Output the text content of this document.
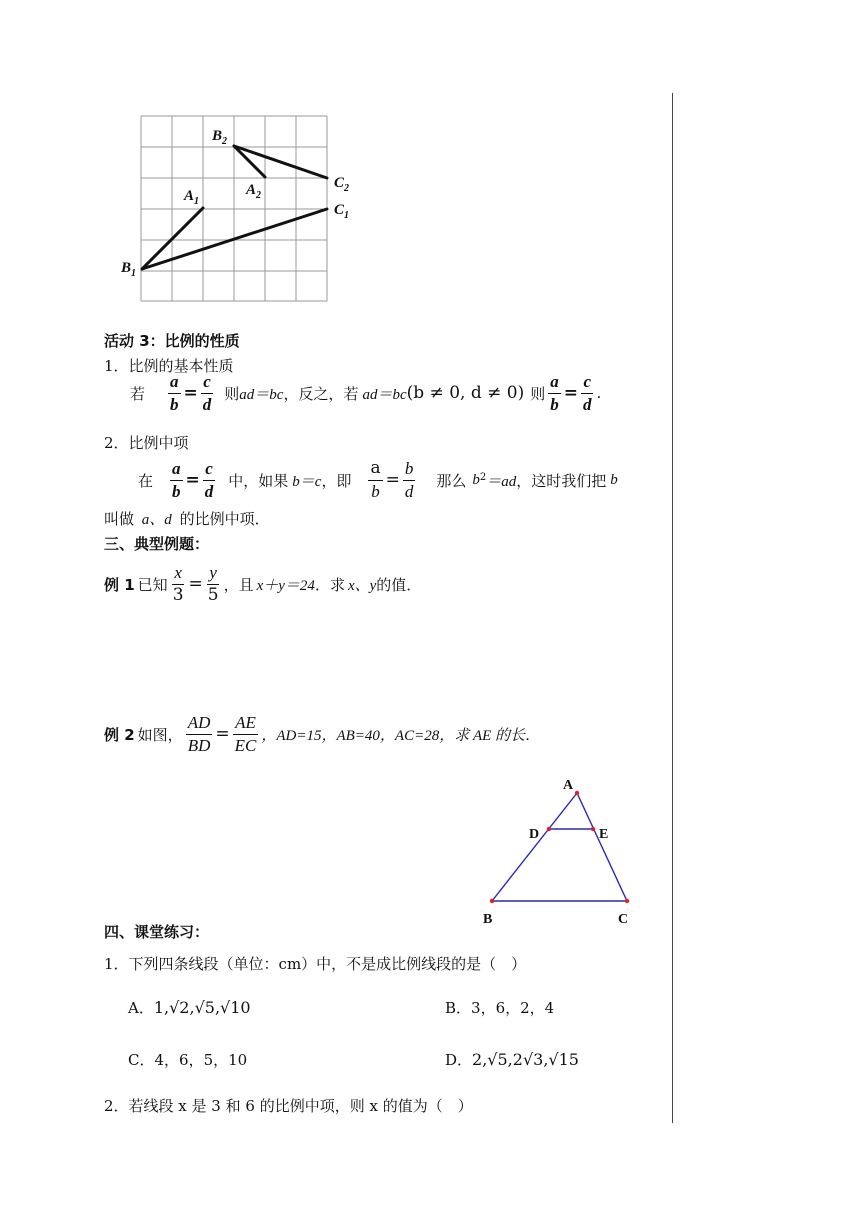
$B_2$
$A_1$
$A_2$
$C_2$
$C_1$
$B_1$
活动 3：比例的性质
1．比例的基本性质
若 $\frac{a}{b} = \frac{c}{d}$ 则 ad＝bc ，反之，若 ad＝bc (b ≠ 0, d ≠ 0) 则 $\frac{a}{b} = \frac{c}{d}$ .
2．比例中项
在 $\frac{a}{b} = \frac{c}{d}$ 中，如果 b＝c ，即 $\frac{a}{b} = \frac{b}{d}$ 那么 $b^2 =ad$ ，这时我们把 b
叫做 a、d 的比例中项．
三、典型例题：
例 1 已知 $\frac{x}{3} = \frac{y}{5}$ ，且 x＋y＝24 ．求 x、y 的值．
例 2 如图， $\frac{AD}{BD} = \frac{AE}{EC}$ ，AD=15，AB=40，AC=28，求 AE 的长．
A
D	E
B	C
四、课堂练习：
1．下列四条线段（单位：cm）中，不是成比例线段的是（　）
A．1,√2,√5,√10	B．3，6，2，4
C．4，6，5，10	D．2,√5,2√3,√15
2．若线段 x 是 3 和 6 的比例中项，则 x 的值为（　）
